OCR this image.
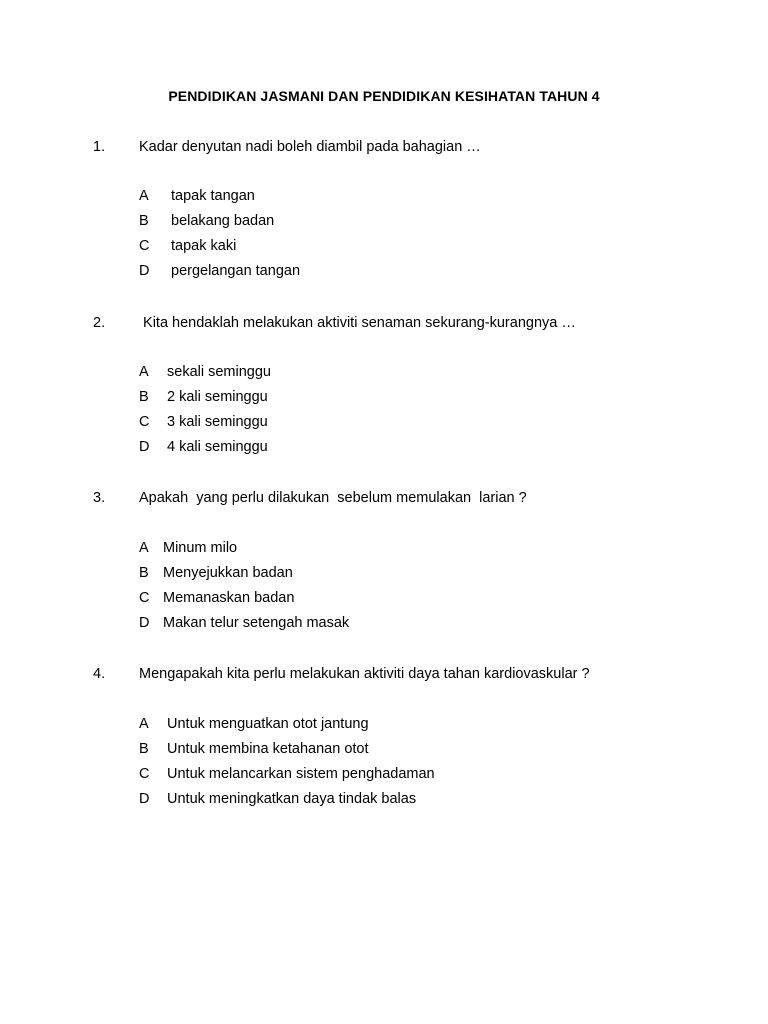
PENDIDIKAN JASMANI DAN PENDIDIKAN KESIHATAN TAHUN 4
1. Kadar denyutan nadi boleh diambil pada bahagian …
A tapak tangan
B belakang badan
C tapak kaki
D pergelangan tangan
2. Kita hendaklah melakukan aktiviti senaman sekurang-kurangnya …
A sekali seminggu
B 2 kali seminggu
C 3 kali seminggu
D 4 kali seminggu
3. Apakah  yang perlu dilakukan  sebelum memulakan  larian ?
A Minum milo
B Menyejukkan badan
C Memanaskan badan
D Makan telur setengah masak
4. Mengapakah kita perlu melakukan aktiviti daya tahan kardiovaskular ?
A Untuk menguatkan otot jantung
B Untuk membina ketahanan otot
C Untuk melancarkan sistem penghadaman
D Untuk meningkatkan daya tindak balas
